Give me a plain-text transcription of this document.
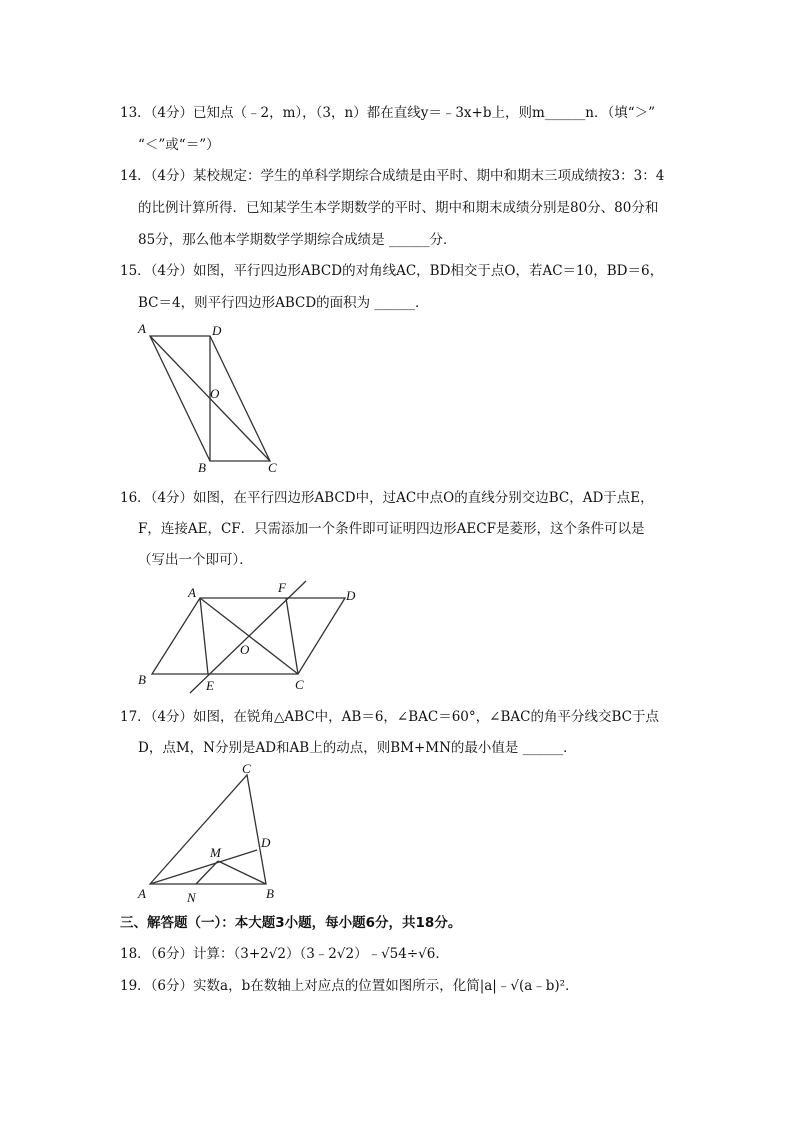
13．（4分）已知点（﹣2，m），（3，n）都在直线y＝﹣3x+b上，则m______n．（填“＞”
“＜”或“＝”）
14．（4分）某校规定：学生的单科学期综合成绩是由平时、期中和期末三项成绩按3：3：4
的比例计算所得．已知某学生本学期数学的平时、期中和期末成绩分别是80分、80分和
85分，那么他本学期数学学期综合成绩是 ______分．
15．（4分）如图，平行四边形ABCD的对角线AC，BD相交于点O，若AC＝10，BD＝6，
BC＝4，则平行四边形ABCD的面积为 ______．
A	D
O
B	C
16．（4分）如图，在平行四边形ABCD中，过AC中点O的直线分别交边BC，AD于点E，
F，连接AE，CF．只需添加一个条件即可证明四边形AECF是菱形，这个条件可以是
（写出一个即可）．
A	F
D
O
B	E	C
17．（4分）如图，在锐角△ABC中，AB＝6，∠BAC＝60°，∠BAC的角平分线交BC于点
D，点M，N分别是AD和AB上的动点，则BM+MN的最小值是 ______．
C
D
M
A	N	B
三、解答题（一）：本大题3小题，每小题6分，共18分。
18．（6分）计算：（3+2√2）（3﹣2√2）﹣√54÷√6．
19．（6分）实数a，b在数轴上对应点的位置如图所示，化简|a|﹣√(a﹣b)²．
